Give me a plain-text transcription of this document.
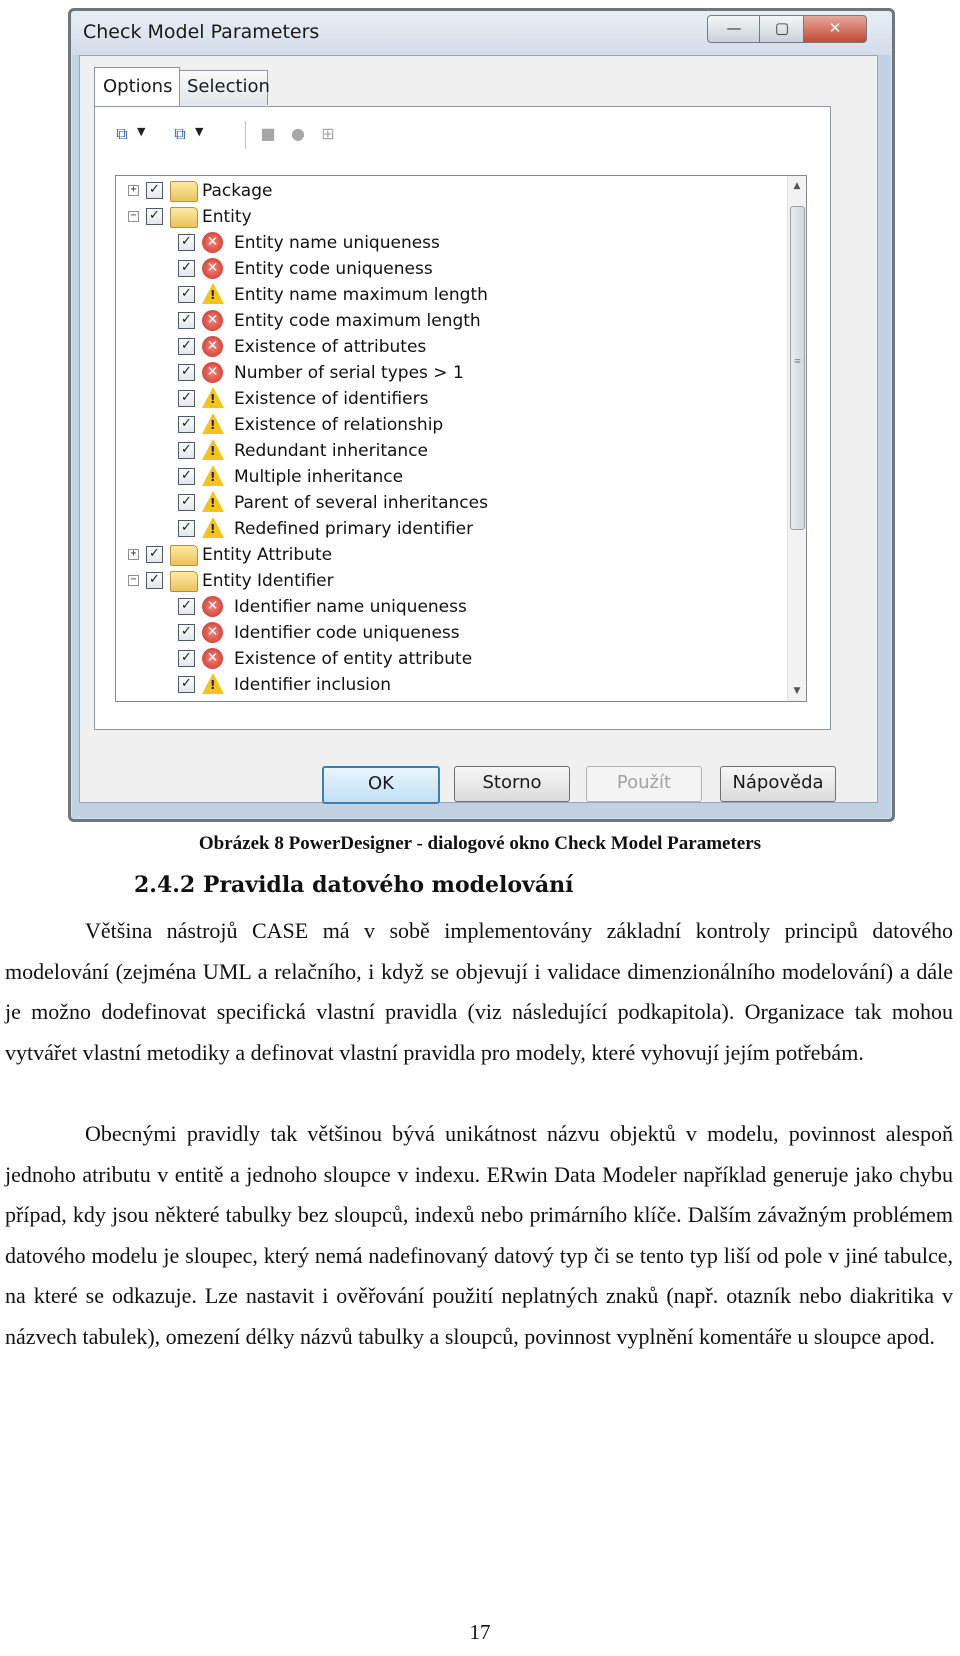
Check Model Parameters	—	▢	✕
Options Selection
⧉ ▼	⧉ ▼	■ ● ⊞
+ ✓ Package
− ✓ Entity
✓	✕ Entity name uniqueness
✓	✕ Entity code uniqueness
✓ ! Entity name maximum length
✓	✕ Entity code maximum length
✓	✕ Existence of attributes
✓	✕ Number of serial types > 1
✓ ! Existence of identifiers
✓ ! Existence of relationship
✓ ! Redundant inheritance
✓ ! Multiple inheritance
✓ ! Parent of several inheritances
✓ ! Redefined primary identifier
+ ✓ Entity Attribute
− ✓ Entity Identifier
✓	✕ Identifier name uniqueness
✓	✕ Identifier code uniqueness
✓	✕ Existence of entity attribute
✓ ! Identifier inclusion
▲
≡
▼
OK	Storno	Použít	Nápověda
Obrázek 8 PowerDesigner - dialogové okno Check Model Parameters
2.4.2 Pravidla datového modelování
Většina nástrojů CASE má v sobě implementovány základní kontroly principů datového modelování (zejména UML a relačního, i když se objevují i validace dimenzionálního modelování) a dále je možno dodefinovat specifická vlastní pravidla (viz následující podkapitola). Organizace tak mohou vytvářet vlastní metodiky a definovat vlastní pravidla pro modely, které vyhovují jejím potřebám.
Obecnými pravidly tak většinou bývá unikátnost názvu objektů v modelu, povinnost alespoň jednoho atributu v entitě a jednoho sloupce v indexu. ERwin Data Modeler například generuje jako chybu případ, kdy jsou některé tabulky bez sloupců, indexů nebo primárního klíče. Dalším závažným problémem datového modelu je sloupec, který nemá nadefinovaný datový typ či se tento typ liší od pole v jiné tabulce, na které se odkazuje. Lze nastavit i ověřování použití neplatných znaků (např. otazník nebo diakritika v názvech tabulek), omezení délky názvů tabulky a sloupců, povinnost vyplnění komentáře u sloupce apod.
17
